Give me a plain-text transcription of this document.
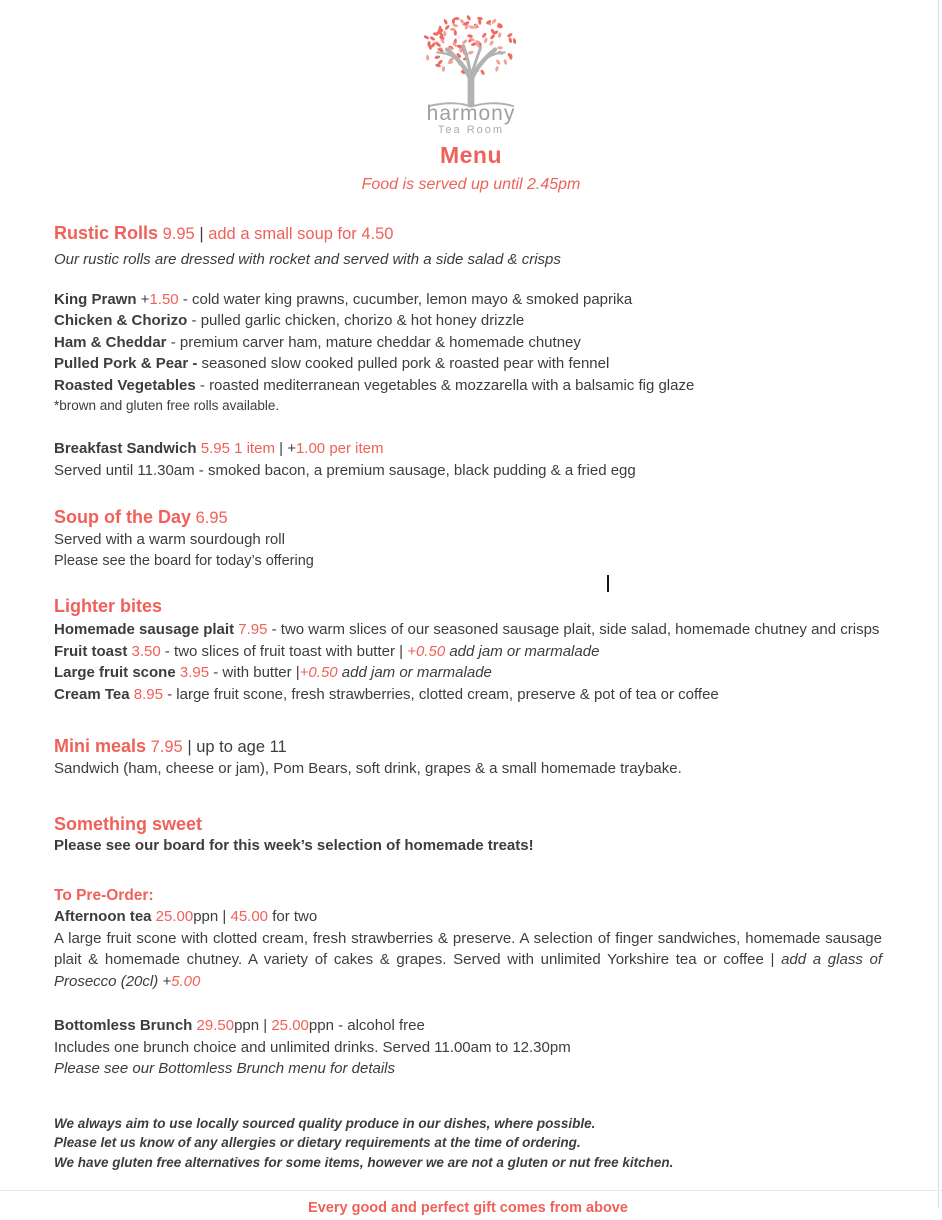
harmony
Tea Room
Menu
Food is served up until 2.45pm
Rustic Rolls 9.95 | add a small soup for 4.50
Our rustic rolls are dressed with rocket and served with a side salad & crisps
King Prawn +1.50 - cold water king prawns, cucumber, lemon mayo & smoked paprika
Chicken & Chorizo - pulled garlic chicken, chorizo & hot honey drizzle
Ham & Cheddar - premium carver ham, mature cheddar & homemade chutney
Pulled Pork & Pear - seasoned slow cooked pulled pork & roasted pear with fennel
Roasted Vegetables - roasted mediterranean vegetables & mozzarella with a balsamic fig glaze
*brown and gluten free rolls available.
Breakfast Sandwich 5.95 1 item | +1.00 per item
Served until 11.30am - smoked bacon, a premium sausage, black pudding & a fried egg
Soup of the Day 6.95
Served with a warm sourdough roll
Please see the board for today’s offering
Lighter bites
Homemade sausage plait 7.95 - two warm slices of our seasoned sausage plait, side salad, homemade chutney and crisps
Fruit toast 3.50 - two slices of fruit toast with butter | +0.50 add jam or marmalade
Large fruit scone 3.95 - with butter |+0.50 add jam or marmalade
Cream Tea 8.95 - large fruit scone, fresh strawberries, clotted cream, preserve & pot of tea or coffee
Mini meals 7.95 | up to age 11
Sandwich (ham, cheese or jam), Pom Bears, soft drink, grapes & a small homemade traybake.
Something sweet
Please see our board for this week’s selection of homemade treats!
To Pre-Order:
Afternoon tea 25.00ppn | 45.00 for two
A large fruit scone with clotted cream, fresh strawberries & preserve. A selection of finger sandwiches, homemade sausage plait & homemade chutney. A variety of cakes & grapes. Served with unlimited Yorkshire tea or coffee | add a glass of Prosecco (20cl) +5.00
Bottomless Brunch 29.50ppn | 25.00ppn - alcohol free
Includes one brunch choice and unlimited drinks. Served 11.00am to 12.30pm
Please see our Bottomless Brunch menu for details
We always aim to use locally sourced quality produce in our dishes, where possible.
Please let us know of any allergies or dietary requirements at the time of ordering.
We have gluten free alternatives for some items, however we are not a gluten or nut free kitchen.
Every good and perfect gift comes from above
